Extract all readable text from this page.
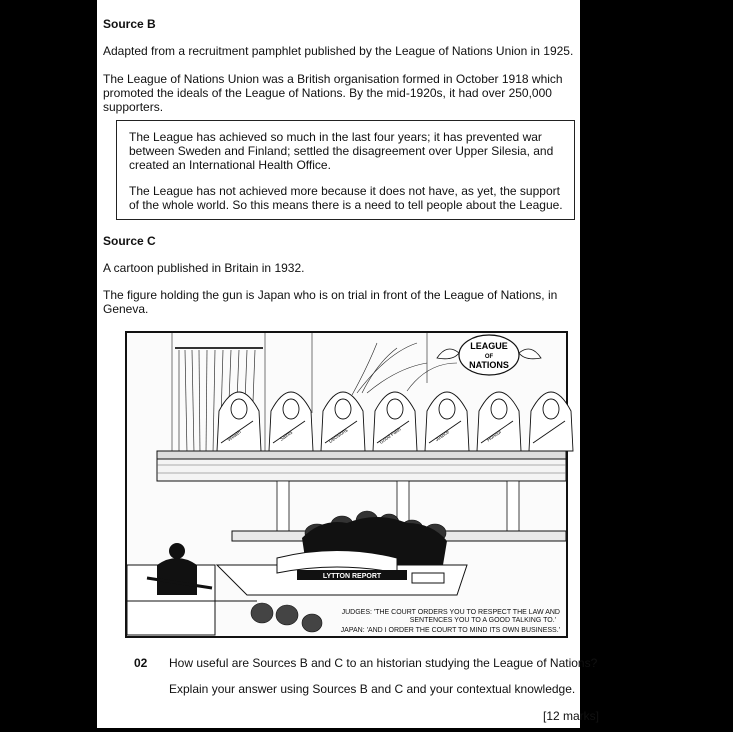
Source B
Adapted from a recruitment pamphlet published by the League of Nations Union in 1925.
The League of Nations Union was a British organisation formed in October 1918 which promoted the ideals of the League of Nations. By the mid-1920s, it had over 250,000 supporters.
The League has achieved so much in the last four years; it has prevented war between Sweden and Finland; settled the disagreement over Upper Silesia, and created an International Health Office.
The League has not achieved more because it does not have, as yet, the support of the whole world. So this means there is a need to tell people about the League.
Source C
A cartoon published in Britain in 1932.
The figure holding the gun is Japan who is on trial in front of the League of Nations, in Geneva.
LEAGUE
OF
NATIONS
Wealth	Saints	Decisions	Good Faith	Justice	Honour
LYTTON REPORT
JUDGES: 'THE COURT ORDERS YOU TO RESPECT THE LAW AND
SENTENCES YOU TO A GOOD TALKING TO.'
JAPAN: 'AND I ORDER THE COURT TO MIND ITS OWN BUSINESS.'
02 How useful are Sources B and C to an historian studying the League of Nations?
Explain your answer using Sources B and C and your contextual knowledge.
[12 marks]
